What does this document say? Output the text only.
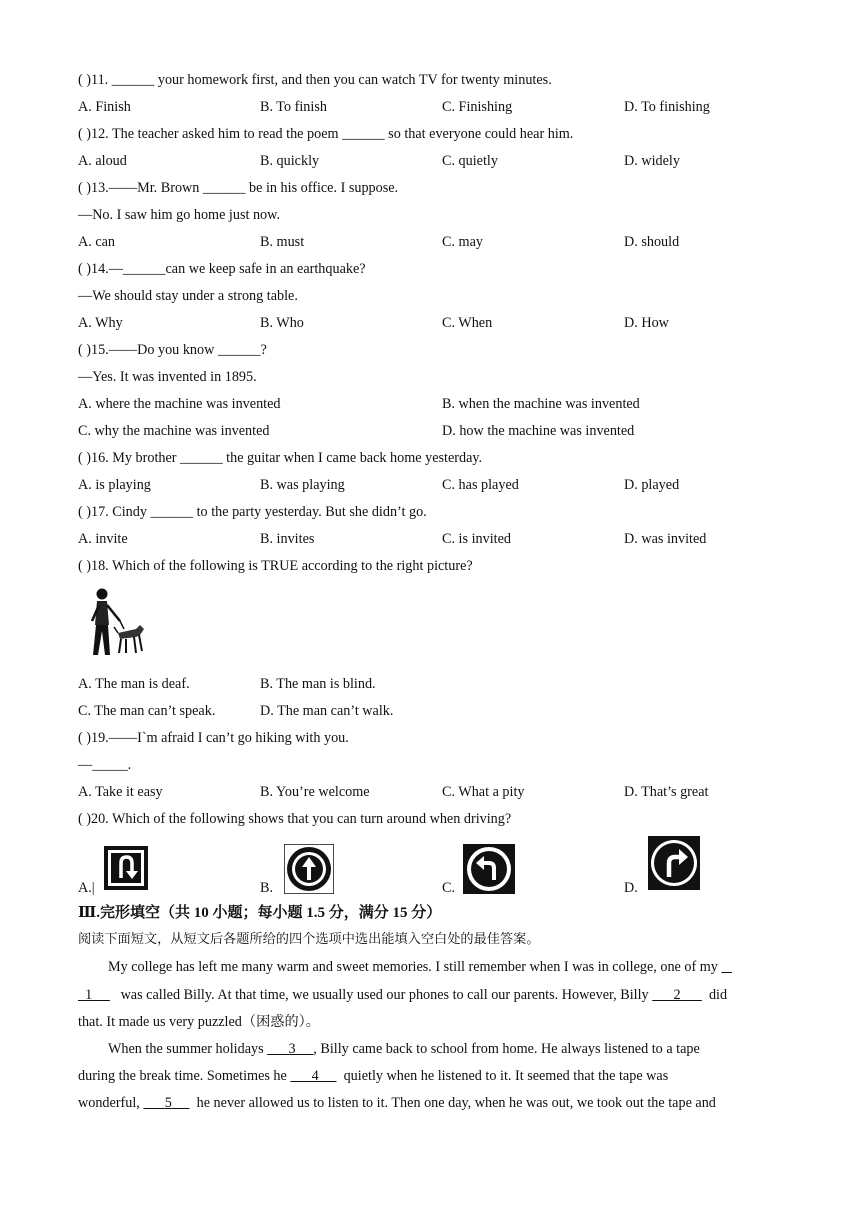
( )11. ______ your homework first, and then you can watch TV for twenty minutes.
A. Finish	B. To finish	C. Finishing	D. To finishing
( )12. The teacher asked him to read the poem ______ so that everyone could hear him.
A. aloud	B. quickly	C. quietly	D. widely
( )13.——Mr. Brown ______ be in his office. I suppose.
—No. I saw him go home just now.
A. can	B. must	C. may	D. should
( )14.—______can we keep safe in an earthquake?
—We should stay under a strong table.
A. Why	B. Who	C. When	D. How
( )15.——Do you know ______?
—Yes. It was invented in 1895.
A. where the machine was invented	B. when the machine was invented
C. why the machine was invented	D. how the machine was invented
( )16. My brother ______ the guitar when I came back home yesterday.
A. is playing	B. was playing	C. has played	D. played
( )17. Cindy ______ to the party yesterday. But she didn’t go.
A. invite	B. invites	C. is invited	D. was invited
( )18. Which of the following is TRUE according to the right picture?
A. The man is deaf.	B. The man is blind.
C. The man can’t speak.	D. The man can’t walk.
( )19.——I`m afraid I can’t go hiking with you.
—_____.
A. Take it easy	B. You’re welcome	C. What a pity	D. That’s great
( )20. Which of the following shows that you can turn around when driving?
A.|	B.	C.	D.
Ⅲ.完形填空（共 10 小题；每小题 1.5 分，满分 15 分）
阅读下面短文，从短文后各题所给的四个选项中选出能填入空白处的最佳答案。
My college has left me many warm and sweet memories. I still remember when I was in college, one of my
1 was called Billy. At that time, we usually used our phones to call our parents. However, Billy 2 did
that. It made us very puzzled（困惑的）。
When the summer holidays 3 , Billy came back to school from home. He always listened to a tape
during the break time. Sometimes he 4 quietly when he listened to it. It seemed that the tape was
wonderful, 5 he never allowed us to listen to it. Then one day, when he was out, we took out the tape and
